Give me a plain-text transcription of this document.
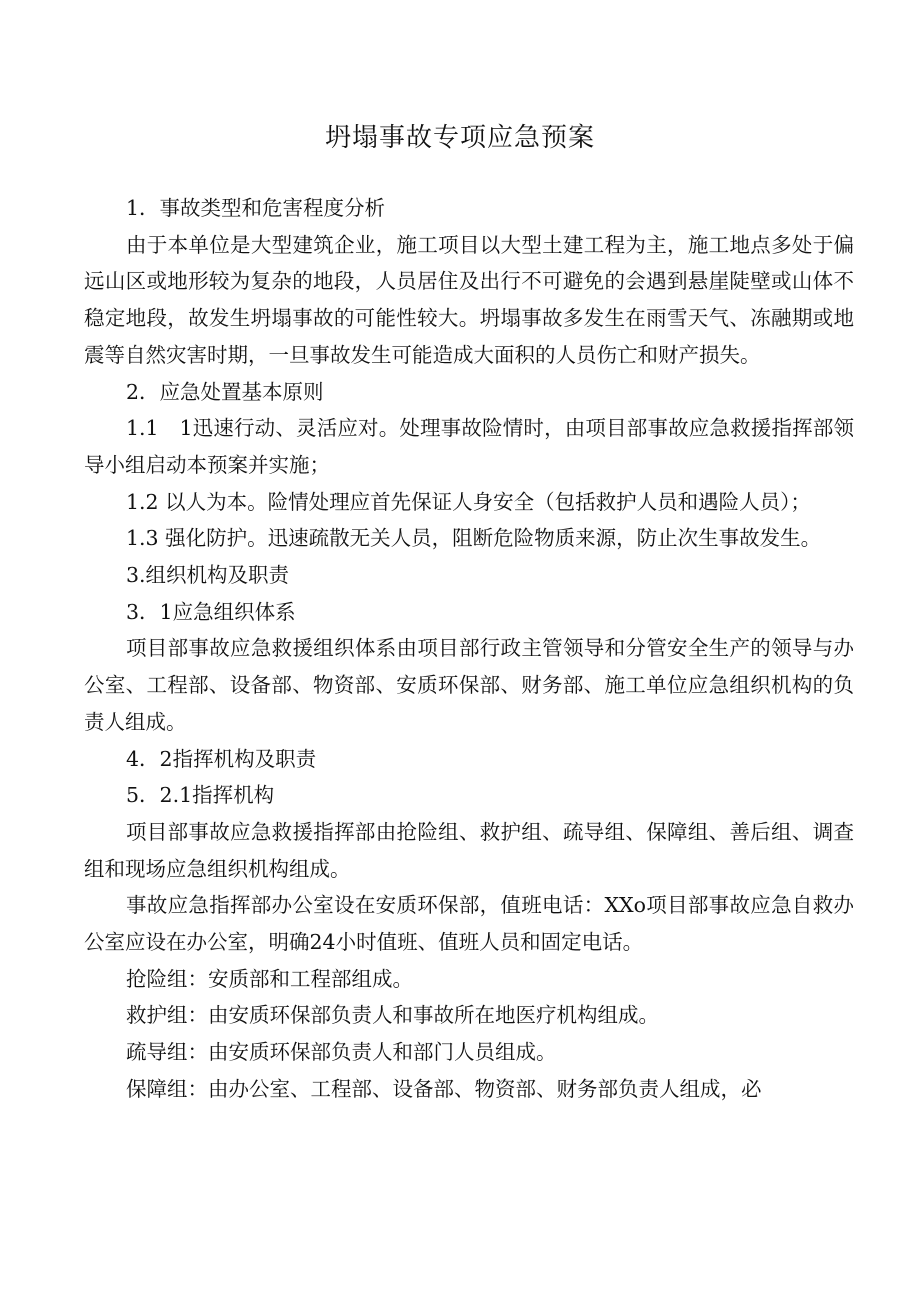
坍塌事故专项应急预案

1．事故类型和危害程度分析

由于本单位是大型建筑企业，施工项目以大型土建工程为主，施工地点多处于偏远山区或地形较为复杂的地段，人员居住及出行不可避免的会遇到悬崖陡壁或山体不稳定地段，故发生坍塌事故的可能性较大。坍塌事故多发生在雨雪天气、冻融期或地震等自然灾害时期，一旦事故发生可能造成大面积的人员伤亡和财产损失。

2．应急处置基本原则

1.1　1迅速行动、灵活应对。处理事故险情时，由项目部事故应急救援指挥部领导小组启动本预案并实施；

1.2 以人为本。险情处理应首先保证人身安全（包括救护人员和遇险人员）；

1.3 强化防护。迅速疏散无关人员，阻断危险物质来源，防止次生事故发生。

3.组织机构及职责

3．1应急组织体系

项目部事故应急救援组织体系由项目部行政主管领导和分管安全生产的领导与办公室、工程部、设备部、物资部、安质环保部、财务部、施工单位应急组织机构的负责人组成。

4．2指挥机构及职责

5．2.1指挥机构

项目部事故应急救援指挥部由抢险组、救护组、疏导组、保障组、善后组、调查组和现场应急组织机构组成。

事故应急指挥部办公室设在安质环保部，值班电话：XXo项目部事故应急自救办公室应设在办公室，明确24小时值班、值班人员和固定电话。

抢险组：安质部和工程部组成。

救护组：由安质环保部负责人和事故所在地医疗机构组成。

疏导组：由安质环保部负责人和部门人员组成。

保障组：由办公室、工程部、设备部、物资部、财务部负责人组成，必
